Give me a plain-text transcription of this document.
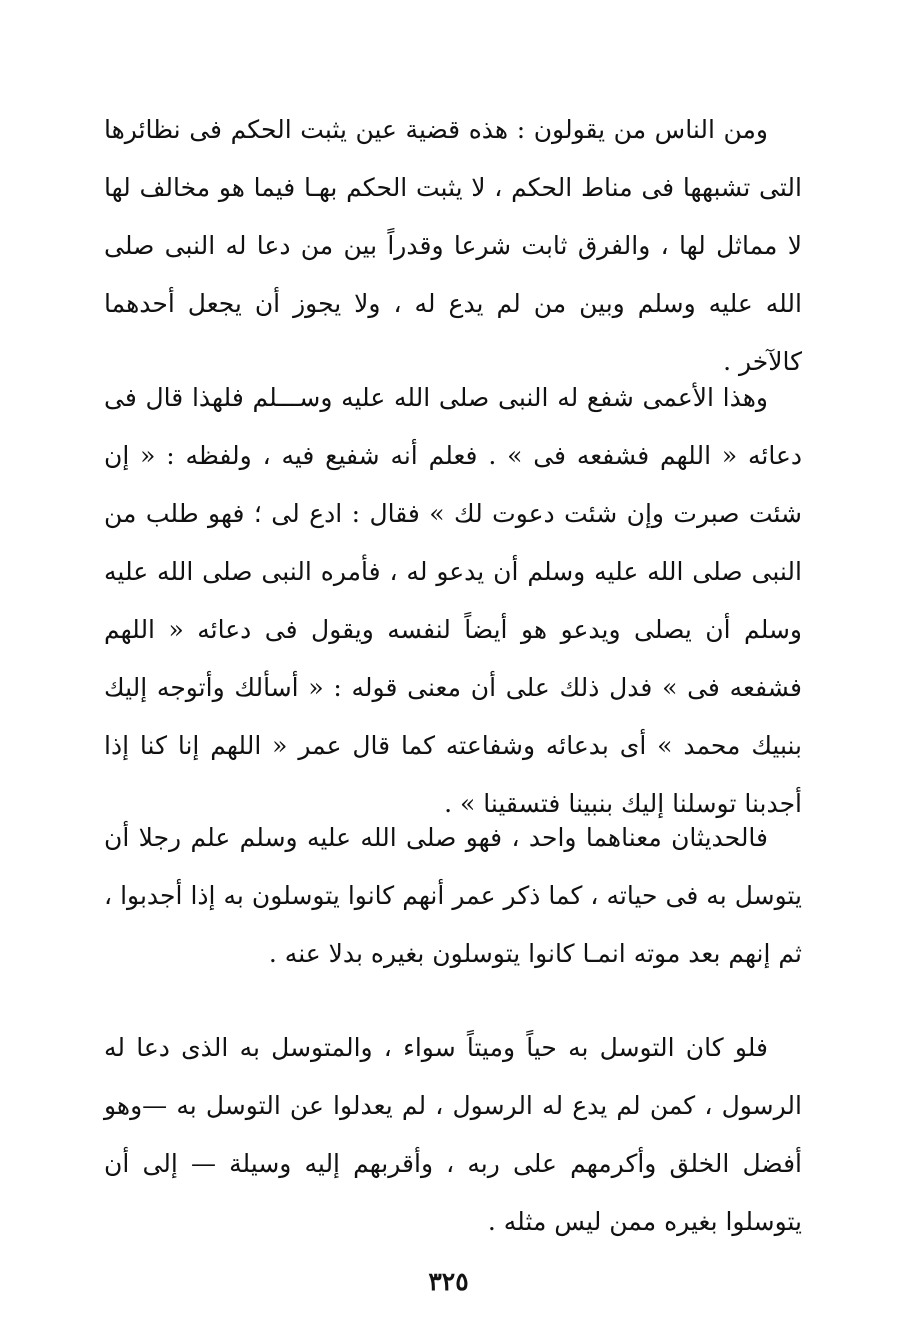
ومن الناس من يقولون : هذه قضية عين يثبت الحكم فى نظائرها التى تشبهها فى مناط الحكم ، لا يثبت الحكم بهـا فيما هو مخالف لها لا مماثل لها ، والفرق ثابت شرعا وقدراً بين من دعا له النبى صلى الله عليه وسلم وبين من لم يدع له ، ولا يجوز أن يجعل أحدهما كالآخر .

وهذا الأعمى شفع له النبى صلى الله عليه وســـلم فلهذا قال فى دعائه « اللهم فشفعه فى » . فعلم أنه شفيع فيه ، ولفظه : « إن شئت صبرت وإن شئت دعوت لك » فقال : ادع لى ؛ فهو طلب من النبى صلى الله عليه وسلم أن يدعو له ، فأمره النبى صلى الله عليه وسلم أن يصلى ويدعو هو أيضاً لنفسه ويقول فى دعائه « اللهم فشفعه فى » فدل ذلك على أن معنى قوله : « أسألك وأتوجه إليك بنبيك محمد » أى بدعائه وشفاعته كما قال عمر « اللهم إنا كنا إذا أجدبنا توسلنا إليك بنبينا فتسقينا » .

فالحديثان معناهما واحد ، فهو صلى الله عليه وسلم علم رجلا أن يتوسل به فى حياته ، كما ذكر عمر أنهم كانوا يتوسلون به إذا أجدبوا ، ثم إنهم بعد موته انمـا كانوا يتوسلون بغيره بدلا عنه .

فلو كان التوسل به حياً وميتاً سواء ، والمتوسل به الذى دعا له الرسول ، كمن لم يدع له الرسول ، لم يعدلوا عن التوسل به —وهو أفضل الخلق وأكرمهم على ربه ، وأقربهم إليه وسيلة — إلى أن يتوسلوا بغيره ممن ليس مثله .

٣٢٥
